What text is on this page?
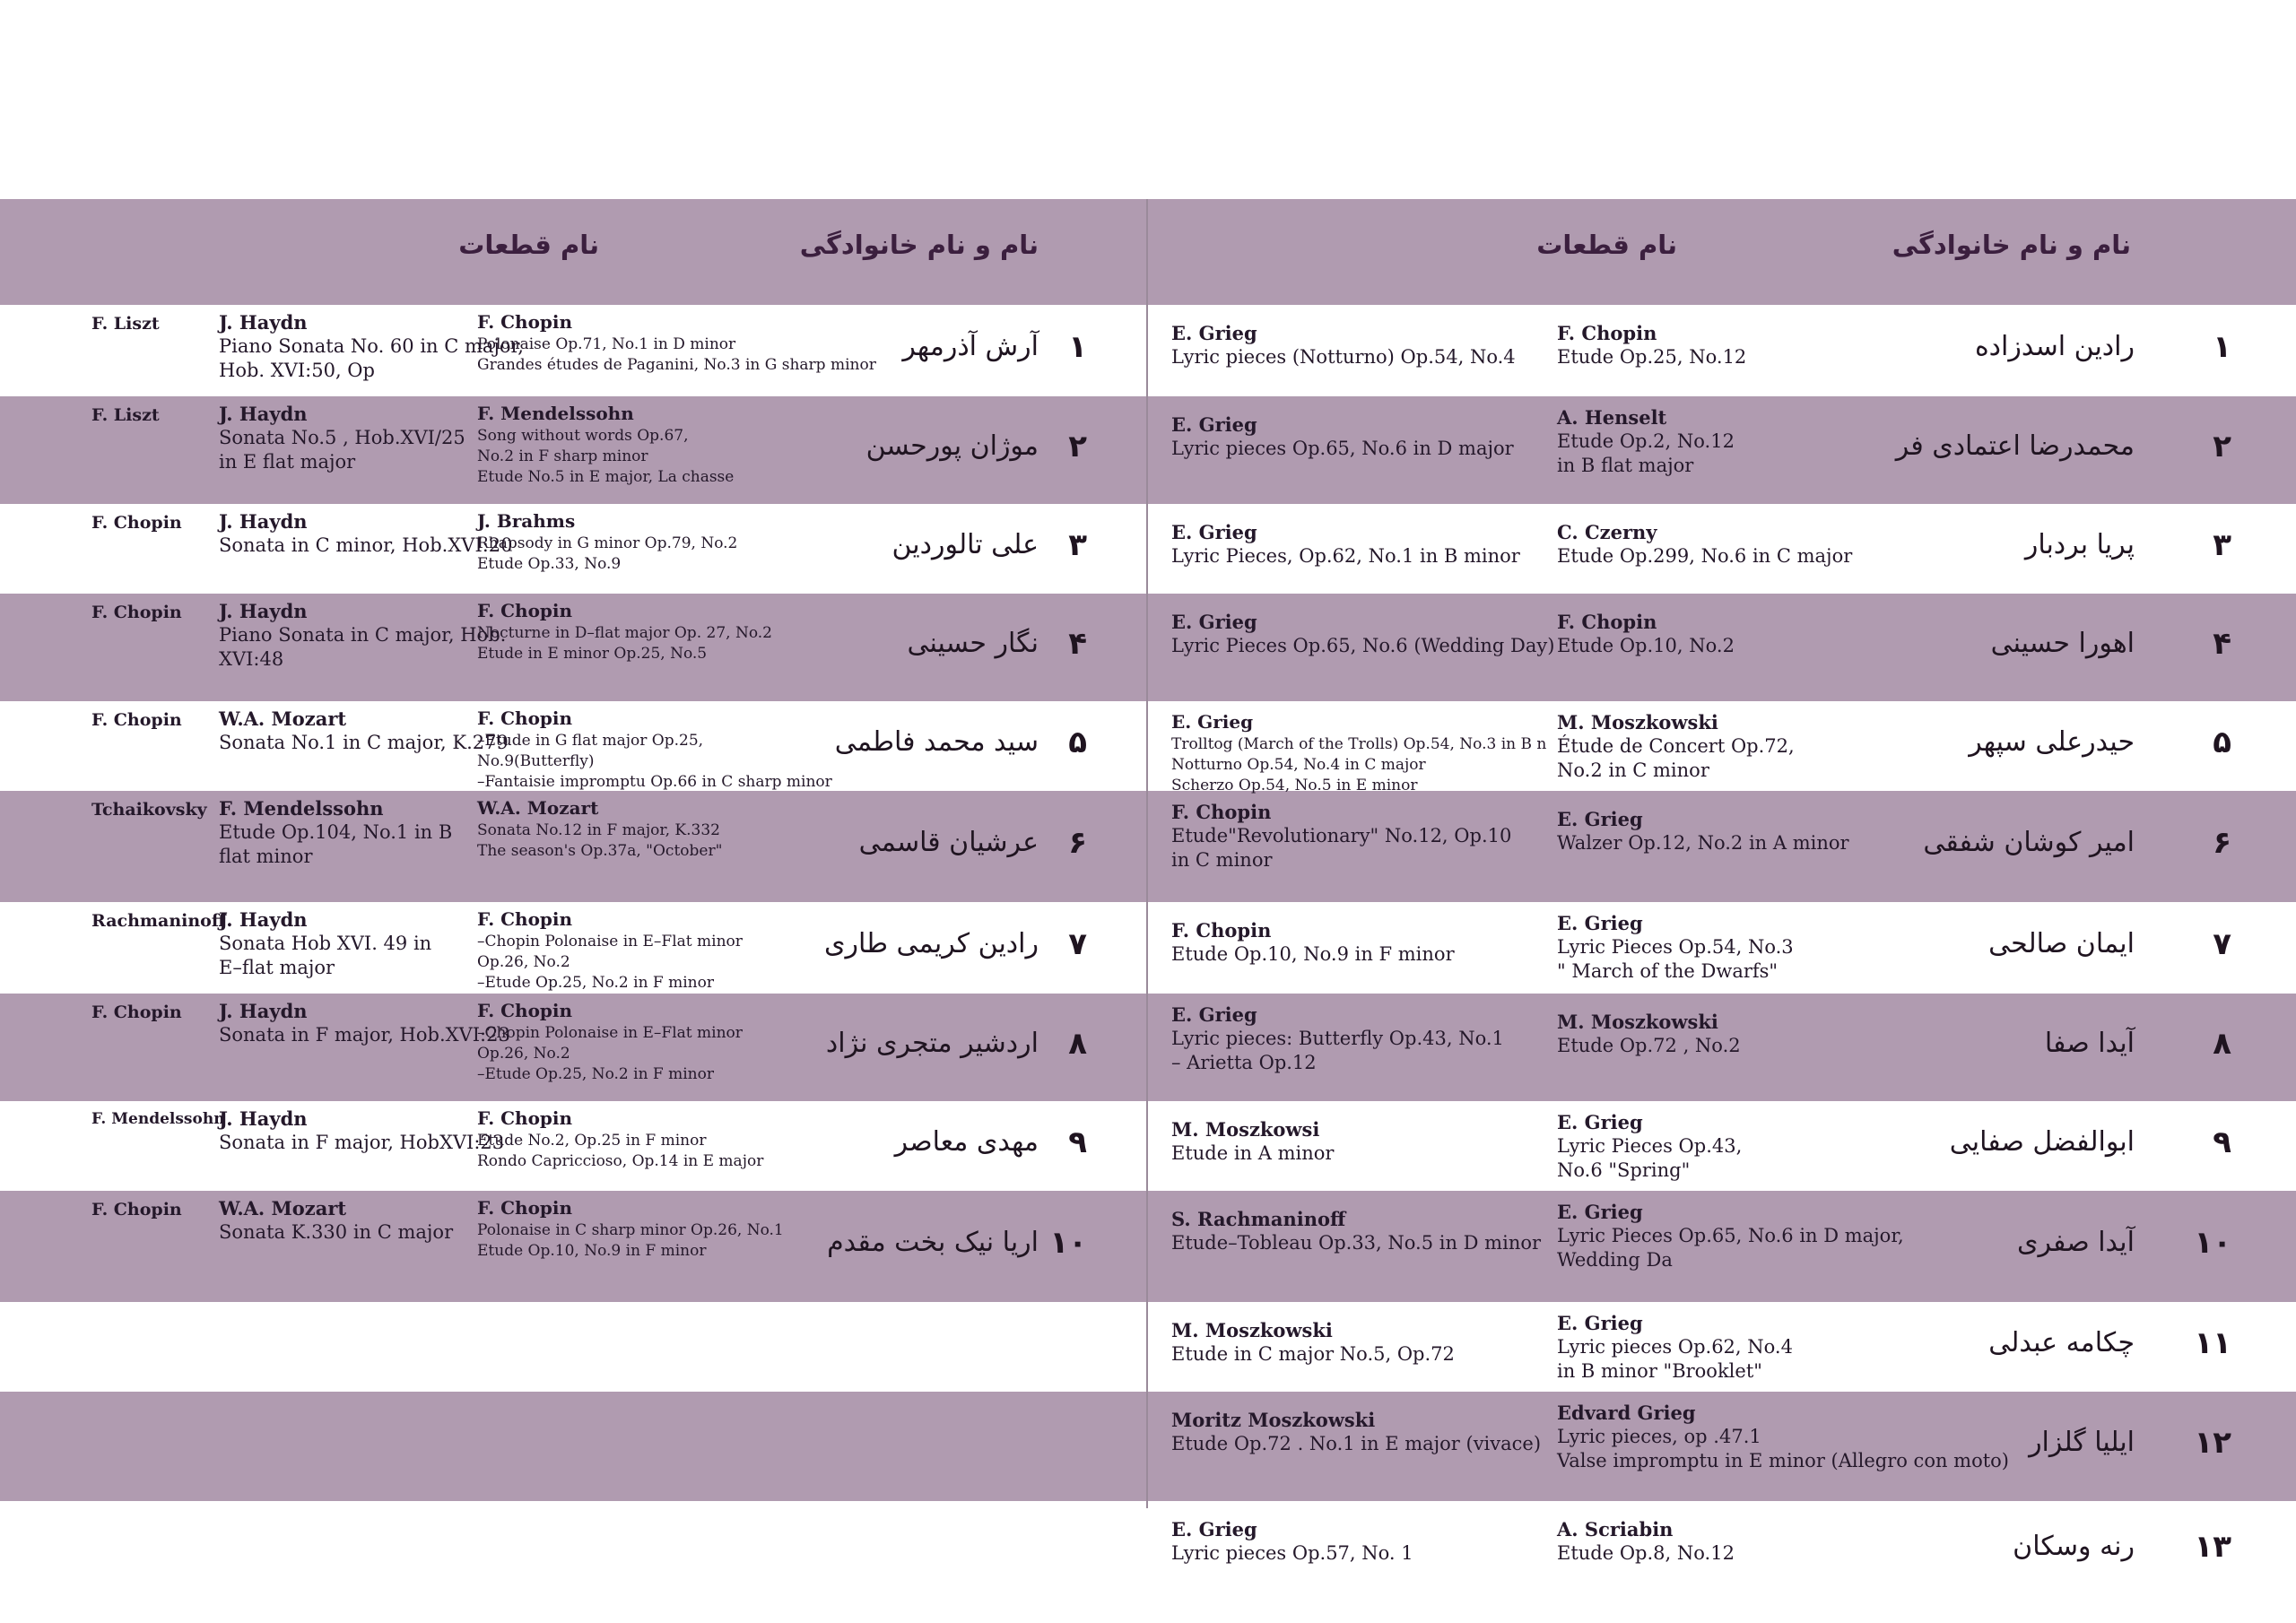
نام و نام خانوادگی
نام قطعات
نام و نام خانوادگی
نام قطعات
۱
رادین اسدزاده
F. Chopin
Etude Op.25, No.12
E. Grieg
Lyric pieces (Notturno) Op.54, No.4
۲
محمدرضا اعتمادی فر
A. Henselt
Etude Op.2, No.12
in B flat major
E. Grieg
Lyric pieces Op.65, No.6 in D major
۳
پریا بردبار
C. Czerny
Etude Op.299, No.6 in C major
E. Grieg
Lyric Pieces, Op.62, No.1 in B minor
۴
اهورا حسینی
F. Chopin
Etude Op.10, No.2
E. Grieg
Lyric Pieces Op.65, No.6 (Wedding Day)
۵
حیدرعلی سپهر
M. Moszkowski
Étude de Concert Op.72,
No.2 in C minor
E. Grieg
Trolltog (March of the Trolls) Op.54, No.3 in B n
Notturno Op.54, No.4 in C major
Scherzo Op.54, No.5 in E minor
۶
امیر کوشان شفقی
E. Grieg
Walzer Op.12, No.2 in A minor
F. Chopin
Etude"Revolutionary" No.12, Op.10
in C minor
۷
ایمان صالحی
E. Grieg
Lyric Pieces Op.54, No.3
" March of the Dwarfs"
F. Chopin
Etude Op.10, No.9 in F minor
۸
آیدا صفا
M. Moszkowski
Etude Op.72 , No.2
E. Grieg
Lyric pieces: Butterfly Op.43, No.1
– Arietta Op.12
۹
ابوالفضل صفایی
E. Grieg
Lyric Pieces Op.43,
No.6 "Spring"
M. Moszkowsi
Etude in A minor
۱۰
آیدا صفری
E. Grieg
Lyric Pieces Op.65, No.6 in D major,
Wedding Da
S. Rachmaninoff
Etude–Tobleau Op.33, No.5 in D minor
۱۱
چکامه عبدلی
E. Grieg
Lyric pieces Op.62, No.4
in B minor "Brooklet"
M. Moszkowski
Etude in C major No.5, Op.72
۱۲
ایلیا گلزار
Edvard Grieg
Lyric pieces, op .47.1
Valse impromptu in E minor (Allegro con moto)
Moritz Moszkowski
Etude Op.72 . No.1 in E major (vivace)
۱۳
رنه وسکان
A. Scriabin
Etude Op.8, No.12
E. Grieg
Lyric pieces Op.57, No. 1
۱
آرش آذرمهر
F. Chopin
Polonaise Op.71, No.1 in D minor
Grandes études de Paganini, No.3 in G sharp minor
J. Haydn
Piano Sonata No. 60 in C major,
Hob. XVI:50, Op
F. Liszt
۲
موژان پورحسن
F. Mendelssohn
Song without words Op.67,
No.2 in F sharp minor
Etude No.5 in E major, La chasse
J. Haydn
Sonata No.5 , Hob.XVI/25
in E flat major
F. Liszt
۳
علی تالوردین
J. Brahms
Rhapsody in G minor Op.79, No.2
Etude Op.33, No.9
J. Haydn
Sonata in C minor, Hob.XVI:20
F. Chopin
۴
نگار حسینی
F. Chopin
Nocturne in D–flat major Op. 27, No.2
Etude in E minor Op.25, No.5
J. Haydn
Piano Sonata in C major, Hob.
XVI:48
F. Chopin
۵
سید محمد فاطمی
F. Chopin
–Etude in G flat major Op.25,
No.9(Butterfly)
–Fantaisie impromptu Op.66 in C sharp minor
W.A. Mozart
Sonata No.1 in C major, K.279
F. Chopin
۶
عرشیان قاسمی
W.A. Mozart
Sonata No.12 in F major, K.332
The season's Op.37a, "October"
F. Mendelssohn
Etude Op.104, No.1 in B
flat minor
Tchaikovsky
۷
رادین کریمی طاری
F. Chopin
–Chopin Polonaise in E–Flat minor
Op.26, No.2
–Etude Op.25, No.2 in F minor
J. Haydn
Sonata Hob XVI. 49 in
E–flat major
Rachmaninoff
۸
اردشیر متجری نژاد
F. Chopin
–Chopin Polonaise in E–Flat minor
Op.26, No.2
–Etude Op.25, No.2 in F minor
J. Haydn
Sonata in F major, Hob.XVI:23
F. Chopin
۹
مهدی معاصر
F. Chopin
Etude No.2, Op.25 in F minor
Rondo Capriccioso, Op.14 in E major
J. Haydn
Sonata in F major, HobXVI:23
F. Mendelssohn
۱۰
اریا نیک بخت مقدم
F. Chopin
Polonaise in C sharp minor Op.26, No.1
Etude Op.10, No.9 in F minor
W.A. Mozart
Sonata K.330 in C major
F. Chopin
